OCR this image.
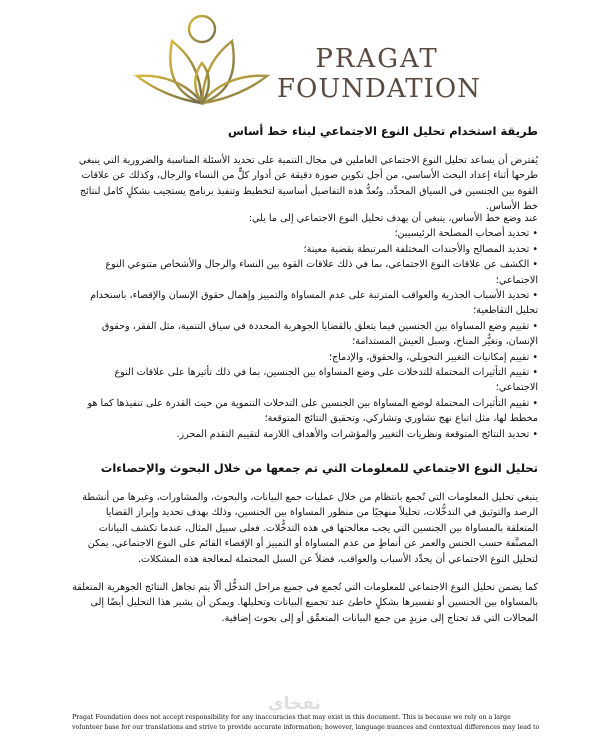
PRAGAT
FOUNDATION
طريقة استخدام تحليل النوع الاجتماعي لبناء خط أساس

يُفترض أن يساعد تحليل النوع الاجتماعي العاملين في مجال التنمية على تحديد الأسئلة المناسبة والضرورية التي ينبغي طرحها أثناء إعداد البحث الأساسي، من أجل تكوين صورة دقيقة عن أدوار كلٍّ من النساء والرجال، وكذلك عن علاقات القوة بين الجنسين في السياق المحدَّد. وتُعدُّ هذه التفاصيل أساسية لتخطيط وتنفيذ برنامج يستجيب بشكلٍ كامل لنتائج خط الأساس.

عند وضع خط الأساس، ينبغي أن يهدف تحليل النوع الاجتماعي إلى ما يلي:

• تحديد أصحاب المصلحة الرئيسيين؛
• تحديد المصالح والأجندات المختلفة المرتبطة بقضية معينة؛
• الكشف عن علاقات النوع الاجتماعي، بما في ذلك علاقات القوة بين النساء والرجال والأشخاص متنوعي النوع الاجتماعي؛
• تحديد الأسباب الجذرية والعواقب المترتبة على عدم المساواة والتمييز وإهمال حقوق الإنسان والإقصاء، باستخدام تحليل التقاطعية؛
• تقييم وضع المساواة بين الجنسين فيما يتعلق بالقضايا الجوهرية المحددة في سياق التنمية، مثل الفقر، وحقوق الإنسان، وتغيُّر المناخ، وسبل العيش المستدامة؛
• تقييم إمكانيات التغيير التحويلي، والحقوق، والإدماج؛
• تقييم التأثيرات المحتملة للتدخلات على وضع المساواة بين الجنسين، بما في ذلك تأثيرها على علاقات النوع الاجتماعي؛
• تقييم التأثيرات المحتملة لوضع المساواة بين الجنسين على التدخلات التنموية من حيث القدرة على تنفيذها كما هو مخطط لها، مثل اتباع نهج تشاوري وتشاركي، وتحقيق النتائج المتوقعة؛
• تحديد النتائج المتوقعة ونظريات التغيير والمؤشرات والأهداف اللازمة لتقييم التقدم المحرز.
تحليل النوع الاجتماعي للمعلومات التي تم جمعها من خلال البحوث والإحصاءات

ينبغي تحليل المعلومات التي تُجمع بانتظام من خلال عمليات جمع البيانات، والبحوث، والمشاورات، وغيرها من أنشطة الرصد والتوثيق في التدخُّلات، تحليلاً منهجيًا من منظور المساواة بين الجنسين، وذلك بهدف تحديد وإبراز القضايا المتعلقة بالمساواة بين الجنسين التي يجب معالجتها في هذه التدخُّلات. فعلى سبيل المثال، عندما تكشف البيانات المصنَّفة حسب الجنس والعمر عن أنماطٍ من عدم المساواة أو التمييز أو الإقصاء القائم على النوع الاجتماعي، يمكن لتحليل النوع الاجتماعي أن يحدِّد الأسباب والعواقب، فضلاً عن السبل المحتملة لمعالجة هذه المشكلات.

كما يضمن تحليل النوع الاجتماعي للمعلومات التي تُجمع في جميع مراحل التدخُّل ألّا يتم تجاهل النتائج الجوهرية المتعلقة بالمساواة بين الجنسين أو تفسيرها بشكلٍ خاطئ عند تجميع البيانات وتحليلها. ويمكن أن يشير هذا التحليل أيضًا إلى المجالات التي قد تحتاج إلى مزيدٍ من جمع البيانات المتعمِّق أو إلى بحوث إضافية.

نفخاي
Pragat Foundation does not accept responsibility for any inaccuracies that may exist in this document. This is because we rely on a large volunteer base for our translations and strive to provide accurate information; however, language nuances and contextual differences may lead to
